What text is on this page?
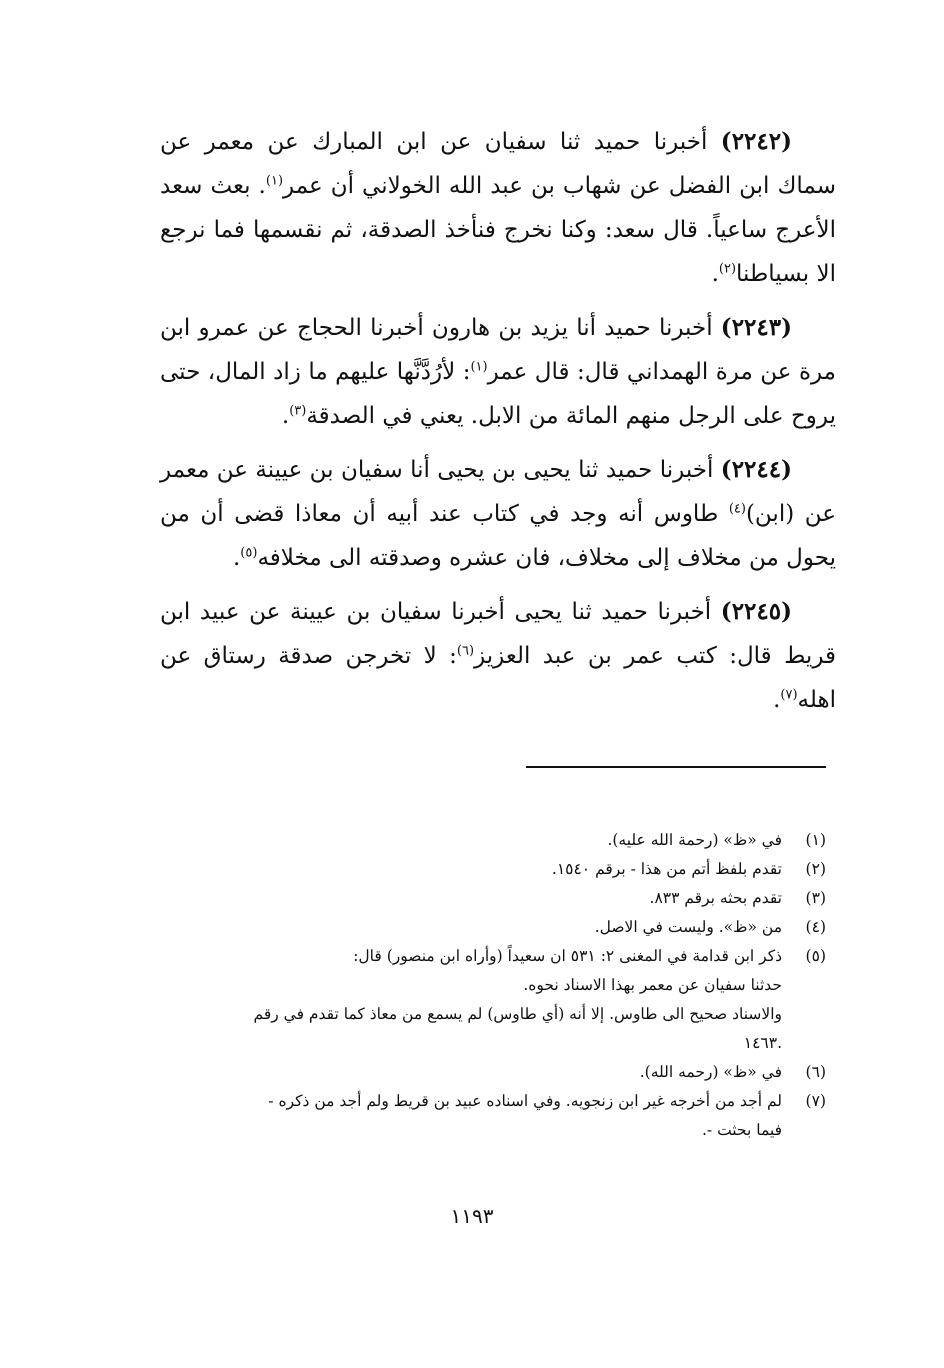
(٢٢٤٢) أخبرنا حميد ثنا سفيان عن ابن المبارك عن معمر عن سماك ابن الفضل عن شهاب بن عبد الله الخولاني أن عمر$^{(١)}$. بعث سعد الأعرج ساعياً. قال سعد: وكنا نخرج فنأخذ الصدقة، ثم نقسمها فما نرجع الا بسياطنا$^{(٢)}$.

(٢٢٤٣) أخبرنا حميد أنا يزيد بن هارون أخبرنا الحجاج عن عمرو ابن مرة عن مرة الهمداني قال: قال عمر$^{(١)}$: لأرُدَّنَّها عليهم ما زاد المال، حتى يروح على الرجل منهم المائة من الابل. يعني في الصدقة$^{(٣)}$.

(٢٢٤٤) أخبرنا حميد ثنا يحيى بن يحيى أنا سفيان بن عيينة عن معمر عن (ابن)$^{(٤)}$ طاوس أنه وجد في كتاب عند أبيه أن معاذا قضى أن من يحول من مخلاف إلى مخلاف، فان عشره وصدقته الى مخلافه$^{(٥)}$.

(٢٢٤٥) أخبرنا حميد ثنا يحيى أخبرنا سفيان بن عيينة عن عبيد ابن قريط قال: كتب عمر بن عبد العزيز$^{(٦)}$: لا تخرجن صدقة رستاق عن اهله$^{(٧)}$.

(١)
في «ظ» (رحمة الله عليه).
(٢)
تقدم بلفظ أتم من هذا - برقم ١٥٤٠.
(٣)
تقدم بحثه برقم ٨٣٣.
(٤)
من «ظ». وليست في الاصل.
(٥)
ذكر ابن قدامة في المغنى ٢: ٥٣١ ان سعيداً (وأراه ابن منصور) قال:
حدثنا سفيان عن معمر بهذا الاسناد نحوه.
والاسناد صحيح الى طاوس. إلا أنه (أي طاوس) لم يسمع من معاذ كما تقدم في رقم
.١٤٦٣
(٦)
في «ظ» (رحمه الله).
(٧)
لم أجد من أخرجه غير ابن زنجويه. وفي اسناده عبيد بن قريط ولم أجد من ذكره -
فيما بحثت -.
١١٩٣
